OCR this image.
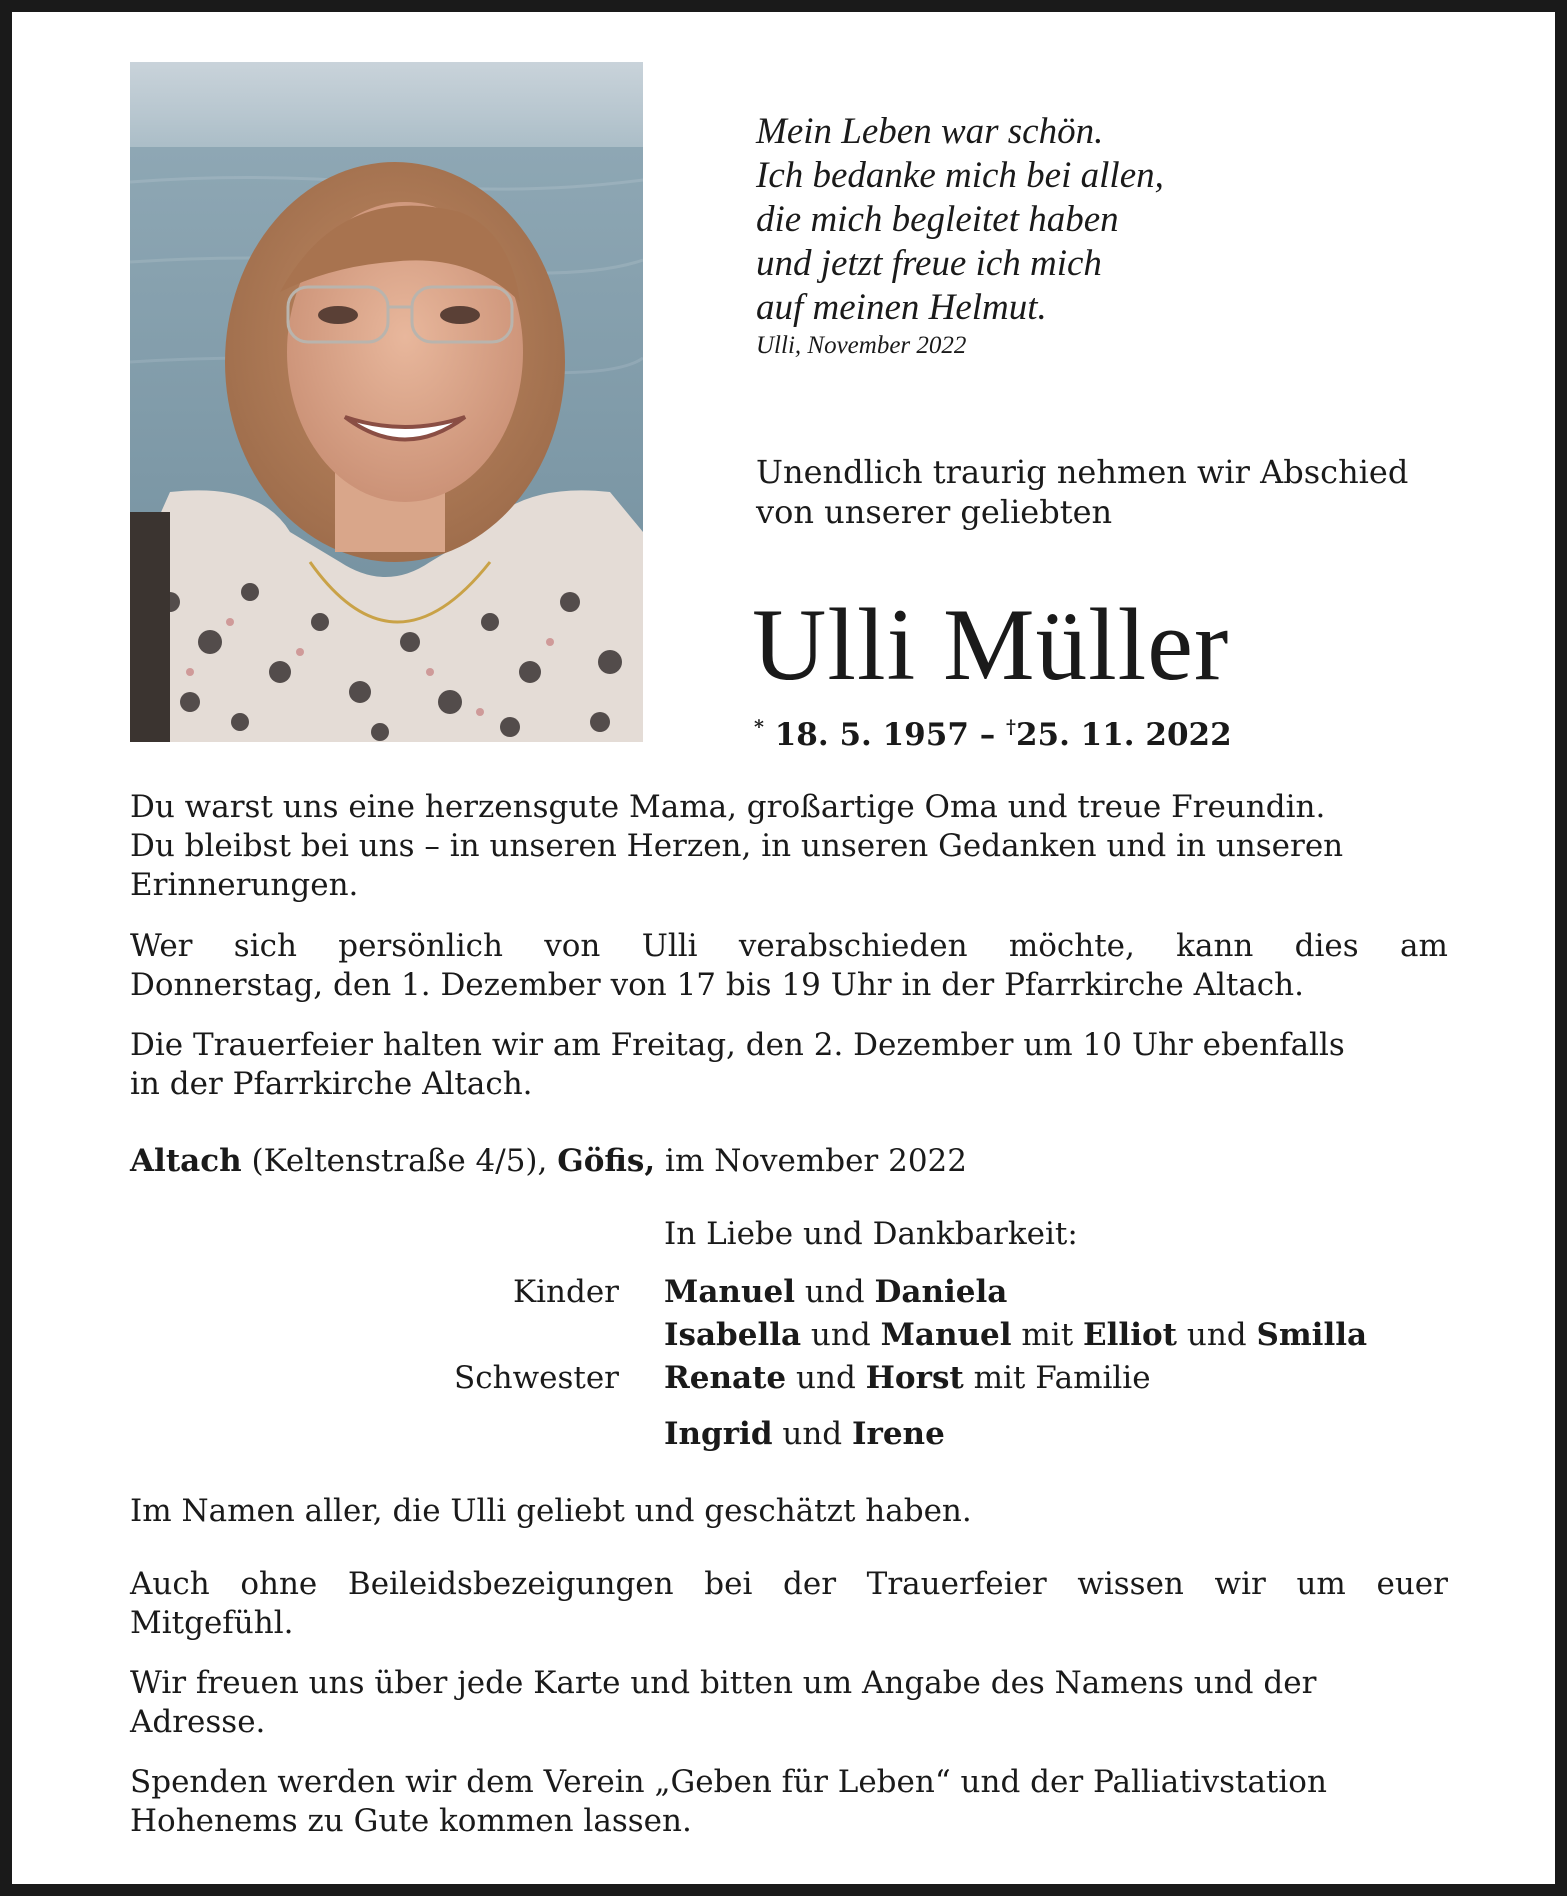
Mein Leben war schön.
Ich bedanke mich bei allen,
die mich begleitet haben
und jetzt freue ich mich
auf meinen Helmut.
Ulli, November 2022
Unendlich traurig nehmen wir Abschied
von unserer geliebten
Ulli Müller
* 18. 5. 1957 – †25. 11. 2022
Du warst uns eine herzensgute Mama, großartige Oma und treue Freundin.
Du bleibst bei uns – in unseren Herzen, in unseren Gedanken und in unseren
Erinnerungen.
Wer sich persönlich von Ulli verabschieden möchte, kann dies am
Donnerstag, den 1. Dezember von 17 bis 19 Uhr in der Pfarrkirche Altach.
Die Trauerfeier halten wir am Freitag, den 2. Dezember um 10 Uhr ebenfalls
in der Pfarrkirche Altach.
Altach (Keltenstraße 4/5), Göfis, im November 2022
In Liebe und Dankbarkeit:
Kinder Manuel und Daniela
Isabella und Manuel mit Elliot und Smilla
Schwester Renate und Horst mit Familie
Ingrid und Irene
Im Namen aller, die Ulli geliebt und geschätzt haben.
Auch ohne Beileidsbezeigungen bei der Trauerfeier wissen wir um euer
Mitgefühl.
Wir freuen uns über jede Karte und bitten um Angabe des Namens und der
Adresse.
Spenden werden wir dem Verein „Geben für Leben“ und der Palliativstation
Hohenems zu Gute kommen lassen.
